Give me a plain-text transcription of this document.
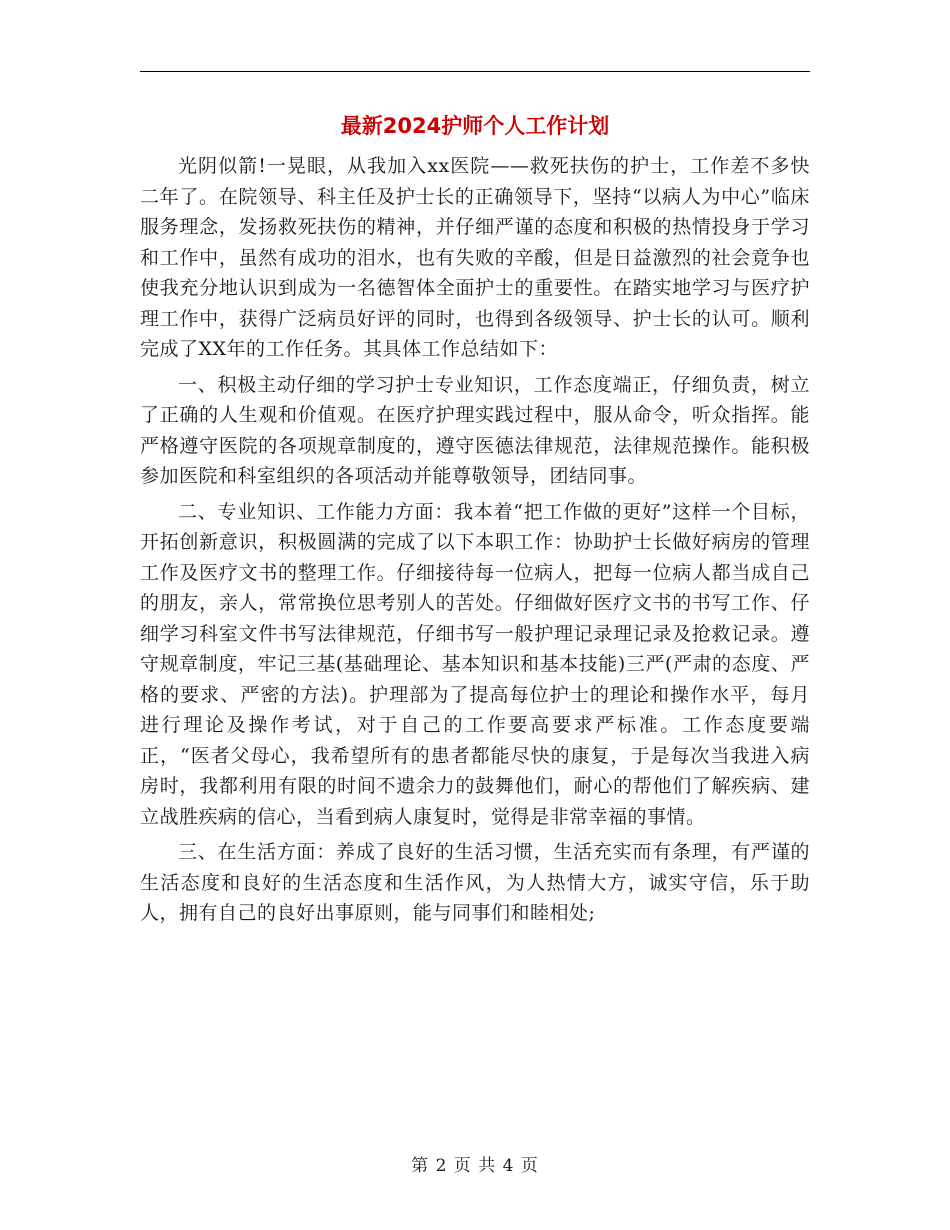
最新2024护师个人工作计划

光阴似箭!一晃眼，从我加入xx医院——救死扶伤的护士，工作差不多快二年了。在院领导、科主任及护士长的正确领导下，坚持“以病人为中心”临床服务理念，发扬救死扶伤的精神，并仔细严谨的态度和积极的热情投身于学习和工作中，虽然有成功的泪水，也有失败的辛酸，但是日益激烈的社会竟争也使我充分地认识到成为一名德智体全面护士的重要性。在踏实地学习与医疗护理工作中，获得广泛病员好评的同时，也得到各级领导、护士长的认可。顺利完成了XX年的工作任务。其具体工作总结如下：

一、积极主动仔细的学习护士专业知识，工作态度端正，仔细负责，树立了正确的人生观和价值观。在医疗护理实践过程中，服从命令，听众指挥。能严格遵守医院的各项规章制度的，遵守医德法律规范，法律规范操作。能积极参加医院和科室组织的各项活动并能尊敬领导，团结同事。

二、专业知识、工作能力方面：我本着“把工作做的更好”这样一个目标，开拓创新意识，积极圆满的完成了以下本职工作：协助护士长做好病房的管理工作及医疗文书的整理工作。仔细接待每一位病人，把每一位病人都当成自己的朋友，亲人，常常换位思考别人的苦处。仔细做好医疗文书的书写工作、仔细学习科室文件书写法律规范，仔细书写一般护理记录理记录及抢救记录。遵守规章制度，牢记三基(基础理论、基本知识和基本技能)三严(严肃的态度、严格的要求、严密的方法)。护理部为了提高每位护士的理论和操作水平，每月进行理论及操作考试，对于自己的工作要高要求严标准。工作态度要端正，“医者父母心，我希望所有的患者都能尽快的康复，于是每次当我进入病房时，我都利用有限的时间不遗余力的鼓舞他们，耐心的帮他们了解疾病、建立战胜疾病的信心，当看到病人康复时，觉得是非常幸福的事情。

三、在生活方面：养成了良好的生活习惯，生活充实而有条理，有严谨的生活态度和良好的生活态度和生活作风，为人热情大方，诚实守信，乐于助人，拥有自己的良好出事原则，能与同事们和睦相处;

第 2 页 共 4 页
